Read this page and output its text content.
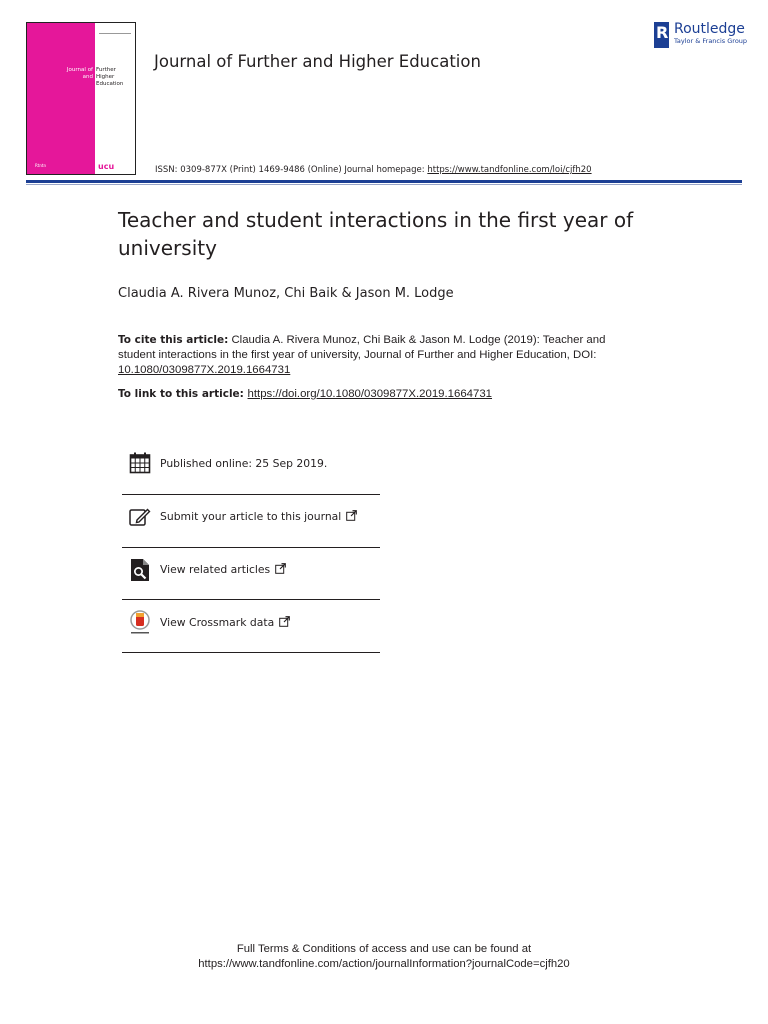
Journal of
and
Rtntn
Further
Higher
Education
ucu
Journal of Further and Higher Education
ISSN: 0309-877X (Print) 1469-9486 (Online) Journal homepage: https://www.tandfonline.com/loi/cjfh20
R
Routledge
Taylor & Francis Group
Teacher and student interactions in the first year of university
Claudia A. Rivera Munoz, Chi Baik & Jason M. Lodge
To cite this article: Claudia A. Rivera Munoz, Chi Baik & Jason M. Lodge (2019): Teacher and student interactions in the first year of university, Journal of Further and Higher Education, DOI: 10.1080/0309877X.2019.1664731
To link to this article: https://doi.org/10.1080/0309877X.2019.1664731
Published online: 25 Sep 2019.
Submit your article to this journal
View related articles
View Crossmark data
Full Terms & Conditions of access and use can be found at
https://www.tandfonline.com/action/journalInformation?journalCode=cjfh20
